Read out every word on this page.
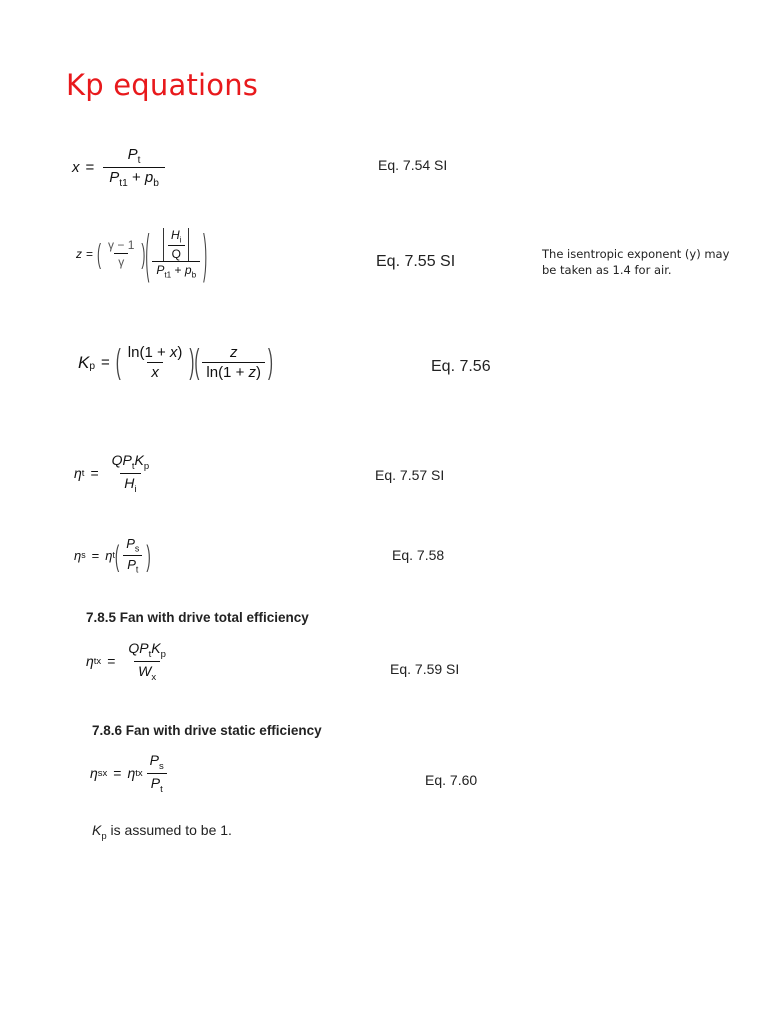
Kp equations
$x = \frac{P_t}{P_{t1} + p_b}$	Eq. 7.54 SI
z = ( $\frac{\gamma - 1}{\gamma}$ ) ( $\frac{\frac{H_i}{Q}}{P_{t1} + p_b}$ )	Eq. 7.55 SI	The isentropic exponent (y) may be taken as 1.4 for air.
$K_p$ = ( $\frac{\ln(1 + x)}{x}$ ) ( $\frac{z}{\ln(1 + z)}$ )	Eq. 7.56
η $t = \frac{QP_tK_p}{H_i}$	Eq. 7.57 SI
η s = η t ( $\frac{P_s}{P_t}$ )	Eq. 7.58
7.8.5 Fan with drive total efficiency
η tx = $\frac{QP_tK_p}{W_x}$	Eq. 7.59 SI
7.8.6 Fan with drive static efficiency
η sx = η tx $\frac{P_s}{P_t}$	Eq. 7.60
$K_p$ is assumed to be 1.
